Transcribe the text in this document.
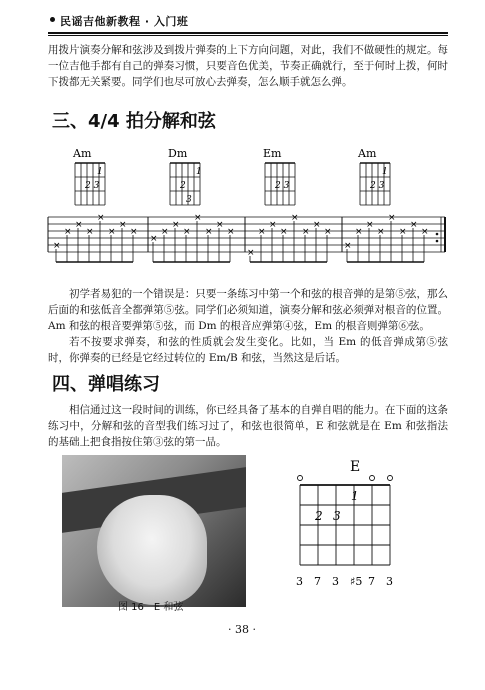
民谣吉他新教程 · 入门班
用拨片演奏分解和弦涉及到拨片弹奏的上下方向问题，对此，我们不做硬性的规定。每一位吉他手都有自己的弹奏习惯，只要音色优美，节奏正确就行，至于何时上拨，何时下拨都无关紧要。同学们也尽可放心去弹奏，怎么顺手就怎么弹。
三、4/4 拍分解和弦
Am
1
2 3
Dm
1
2
3
Em
2 3
Am
1
2 3
×
×
×
×
×
×
×
×
×
×
×
×
×
×
×
×
×
×
×
×
×
×
×
×
×
×
×
×
×
×
×
×
初学者易犯的一个错误是：只要一条练习中第一个和弦的根音弹的是第⑤弦，那么后面的和弦低音全都弹第⑤弦。同学们必须知道，演奏分解和弦必须弹对根音的位置。Am 和弦的根音要弹第⑤弦，而 Dm 的根音应弹第④弦，Em 的根音则弹第⑥弦。
若不按要求弹奏，和弦的性质就会发生变化。比如，当 Em 的低音弹成第⑤弦时，你弹奏的已经是它经过转位的 Em/B 和弦，当然这是后话。
四、弹唱练习
相信通过这一段时间的训练，你已经具备了基本的自弹自唱的能力。在下面的这条练习中，分解和弦的音型我们练习过了，和弦也很简单，E 和弦就是在 Em 和弦指法的基础上把食指按住第③弦的第一品。
图 16　E 和弦
E
1
2 3
3 7 3 ♯5 7 3
· 38 ·
